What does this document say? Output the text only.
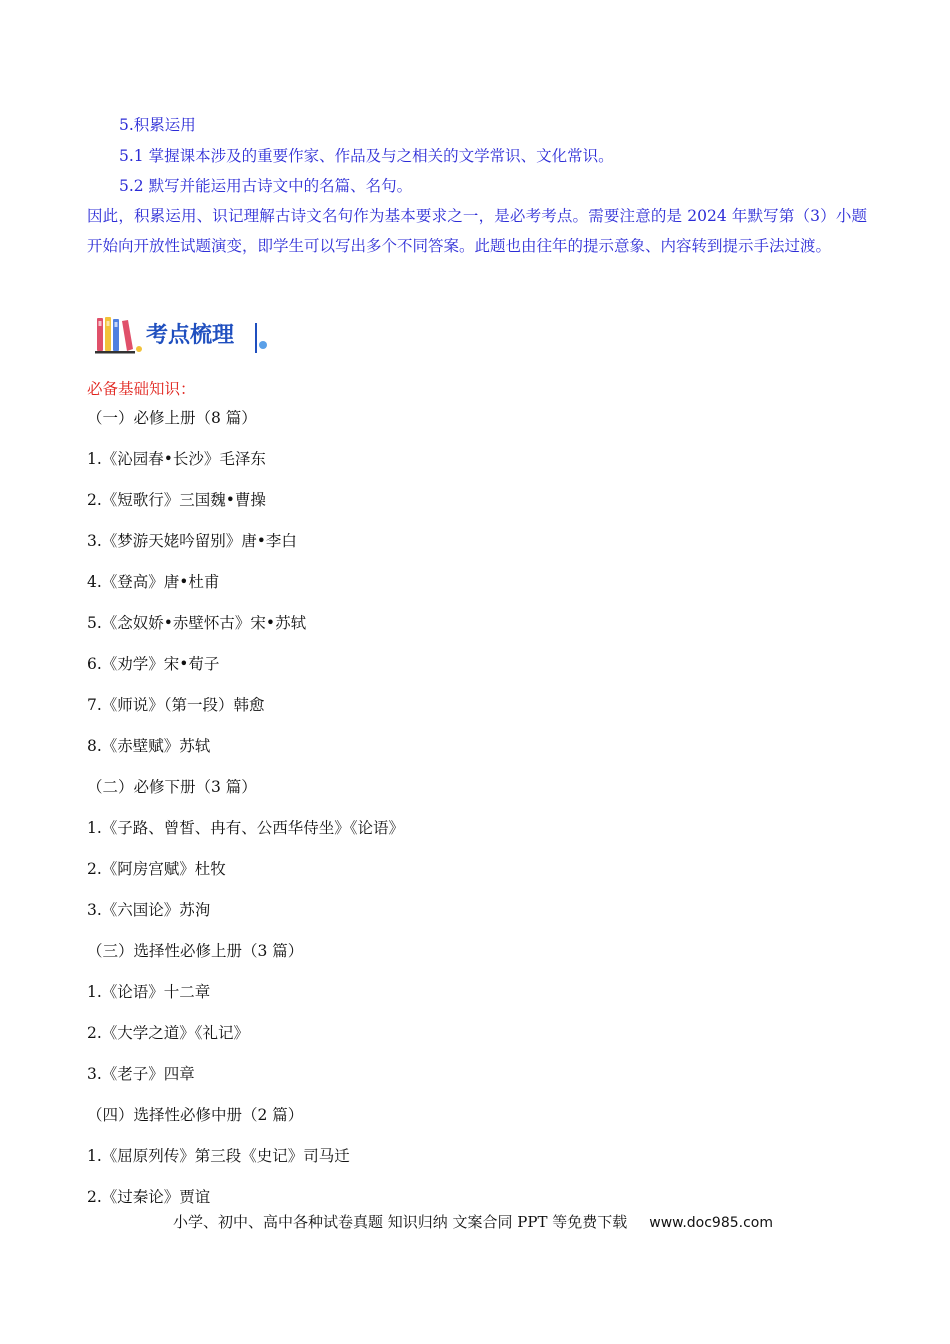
5.积累运用
5.1 掌握课本涉及的重要作家、作品及与之相关的文学常识、文化常识。
5.2 默写并能运用古诗文中的名篇、名句。
因此，积累运用、识记理解古诗文名句作为基本要求之一，是必考考点。需要注意的是 2024 年默写第（3）小题开始向开放性试题演变，即学生可以写出多个不同答案。此题也由往年的提示意象、内容转到提示手法过渡。
考点梳理
必备基础知识：
（一）必修上册（8 篇）
1.《沁园春•长沙》毛泽东
2.《短歌行》三国魏•曹操
3.《梦游天姥吟留别》唐•李白
4.《登高》唐•杜甫
5.《念奴娇•赤壁怀古》宋•苏轼
6.《劝学》宋•荀子
7.《师说》（第一段）韩愈
8.《赤壁赋》苏轼
（二）必修下册（3 篇）
1.《子路、曾皙、冉有、公西华侍坐》《论语》
2.《阿房宫赋》杜牧
3.《六国论》苏洵
（三）选择性必修上册（3 篇）
1.《论语》十二章
2.《大学之道》《礼记》
3.《老子》四章
（四）选择性必修中册（2 篇）
1.《屈原列传》第三段《史记》司马迁
2.《过秦论》贾谊
小学、初中、高中各种试卷真题 知识归纳 文案合同 PPT 等免费下载 www.doc985.com
